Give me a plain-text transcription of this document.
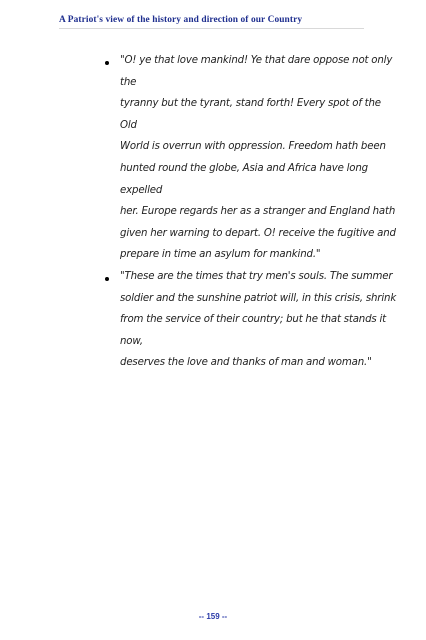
A Patriot's view of the history and direction of our Country
"O! ye that love mankind! Ye that dare oppose not only the
tyranny but the tyrant, stand forth! Every spot of the Old
World is overrun with oppression. Freedom hath been
hunted round the globe, Asia and Africa have long expelled
her. Europe regards her as a stranger and England hath
given her warning to depart. O! receive the fugitive and
prepare in time an asylum for mankind."
"These are the times that try men's souls. The summer
soldier and the sunshine patriot will, in this crisis, shrink
from the service of their country; but he that stands it now,
deserves the love and thanks of man and woman."
-- 159 --
